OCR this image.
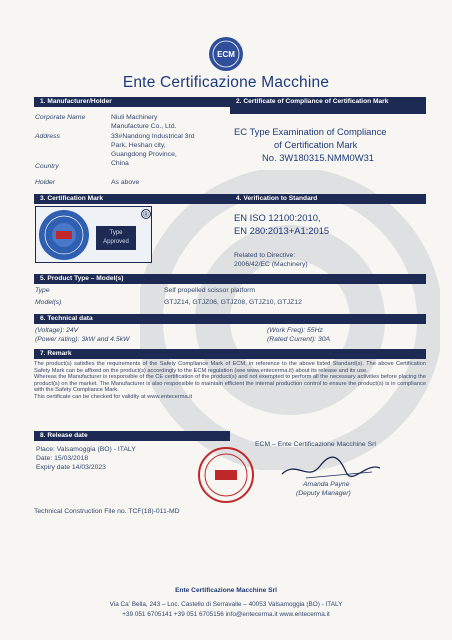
ECM
Ente Certificazione Macchine
1. Manufacturer/Holder	2. Certificate of Compliance of Certification Mark
Corporate Name	Niuli Machinery
Manufacture Co., Ltd.
Address	33#Nandong Industrical 3rd
Park, Heshan city,
Guangdong Province,
Country	China
Holder	As above
EC Type Examination of Compliance
of Certification Mark
No. 3W180315.NMM0W31
3. Certification Mark	4. Verification to Standard
Type
Approved
®	EN ISO 12100:2010,
EN 280:2013+A1:2015
Related to Directive:
2006/42/EC (Machinery)
5. Product Type – Model(s)
Type	Self propelled scissor platform
Model(s)	GTJZ14, GTJZ06, GTJZ08, GTJZ10, GTJZ12
6. Technical data
(Voltage): 24V
(Power rating): 3kW and 4.5kW
(Work Freq): 55Hz
(Rated Current): 30A
7. Remark

The product(s) satisfies the requirements of the Safety Compliance Mark of ECM, in reference to the above listed Standard(s). The above Certification Safety Mark can be affixed on the product(s) accordingly to the ECM regulation (see www.entecerma.it) about its release and its use.

Whereas the Manufacturer is responsible of the CE certification of the product(s) and not exempted to perform all the necessary activities before placing the product(s) on the market. The Manufacturer is also responsible to maintain efficient the internal production control to ensure the product(s) is in compliance with the Safety Compliance Mark.

This certificate can be checked for validity at www.entecerma.it

8. Release date
Place: Valsamoggia (BO) - ITALY
Date: 15/03/2018
Expiry date 14/03/2023
ECM – Ente Certificazione Macchine Srl
Amanda Payne
(Deputy Manager)
Technical Construction File no. TCF(18)-011-MD
Ente Certificazione Macchine Srl
Via Ca' Bella, 243 – Loc. Castello di Serravalle – 40053 Valsamoggia (BO) - ITALY
+39 051 6705141 +39 051 6705156 info@entecerma.it www.entecerma.it
